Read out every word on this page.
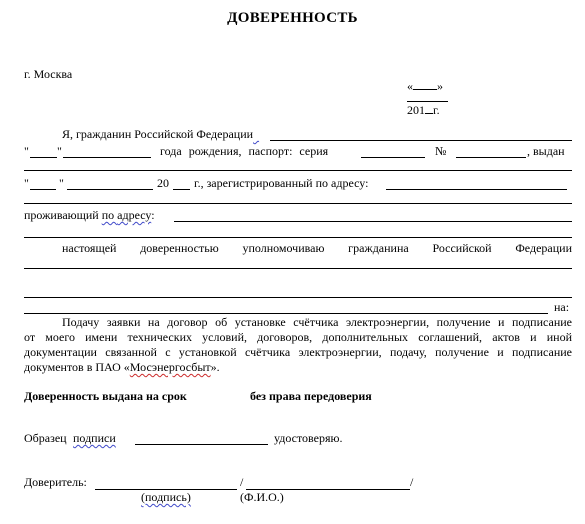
ДОВЕРЕННОСТЬ
г. Москва

« »

201 г.

Я, гражданин Российской Федерации
" "	года рождения, паспорт: серия	№	, выдан
"	"	20 г., зарегистрированный по адресу:
проживающий по адресу:
настоящей доверенностью уполномочиваю гражданина Российской Федерации
на:
Подачу заявки на договор об установке счётчика электроэнергии, получение и подписание
от моего имени технических условий, договоров, дополнительных соглашений, актов и иной
документации связанной с установкой счётчика электроэнергии, подачу, получение и подписание
документов в ПАО «Мосэнергосбыт».
Доверенность выдана на срок	без права передоверия
Образец подписи	удостоверяю.
Доверитель:	/	/
(подпись)	(Ф.И.О.)
